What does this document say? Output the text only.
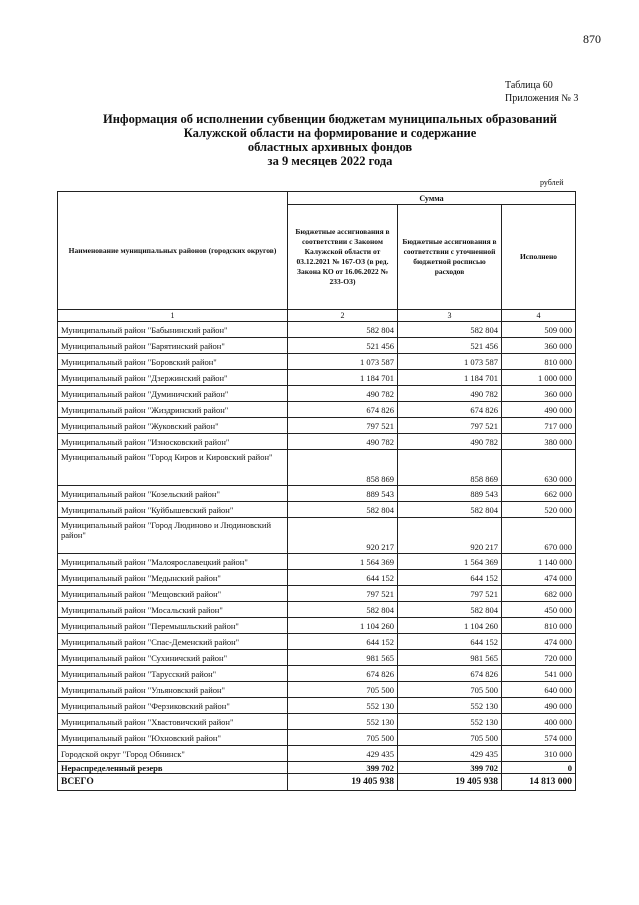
870
Таблица 60
Приложения № 3
Информация об исполнении субвенции бюджетам муниципальных образований
Калужской области на формирование и содержание
областных архивных фондов
за 9 месяцев 2022 года
рублей
Наименование муниципальных районов (городских округов)	Сумма		
	Бюджетные ассигнования в соответствии с Законом Калужской области от 03.12.2021 № 167-ОЗ (в ред. Закона КО от 16.06.2022 № 233-ОЗ)	Бюджетные ассигнования в соответствии с уточненной бюджетной росписью расходов	Исполнено
1	2	3	4
Муниципальный район "Бабынинский район"	582 804	582 804	509 000
Муниципальный район "Барятинский район"	521 456	521 456	360 000
Муниципальный район "Боровский район"	1 073 587	1 073 587	810 000
Муниципальный район "Дзержинский район"	1 184 701	1 184 701	1 000 000
Муниципальный район "Думиничский район"	490 782	490 782	360 000
Муниципальный район "Жиздринский район"	674 826	674 826	490 000
Муниципальный район "Жуковский район"	797 521	797 521	717 000
Муниципальный район "Износковский район"	490 782	490 782	380 000
Муниципальный район "Город Киров и Кировский район"	858 869	858 869	630 000
Муниципальный район "Козельский район"	889 543	889 543	662 000
Муниципальный район "Куйбышевский район"	582 804	582 804	520 000
Муниципальный район "Город Людиново и Людиновский район"	920 217	920 217	670 000
Муниципальный район "Малоярославецкий район"	1 564 369	1 564 369	1 140 000
Муниципальный район "Медынский район"	644 152	644 152	474 000
Муниципальный район "Мещовский район"	797 521	797 521	682 000
Муниципальный район "Мосальский район"	582 804	582 804	450 000
Муниципальный район "Перемышльский район"	1 104 260	1 104 260	810 000
Муниципальный район "Спас-Деменский район"	644 152	644 152	474 000
Муниципальный район "Сухиничский район"	981 565	981 565	720 000
Муниципальный район "Тарусский район"	674 826	674 826	541 000
Муниципальный район "Ульяновский район"	705 500	705 500	640 000
Муниципальный район "Ферзиковский район"	552 130	552 130	490 000
Муниципальный район "Хвастовичский район"	552 130	552 130	400 000
Муниципальный район "Юхновский район"	705 500	705 500	574 000
Городской округ "Город Обнинск"	429 435	429 435	310 000
Нераспределенный резерв	399 702	399 702	0
ВСЕГО	19 405 938	19 405 938	14 813 000
